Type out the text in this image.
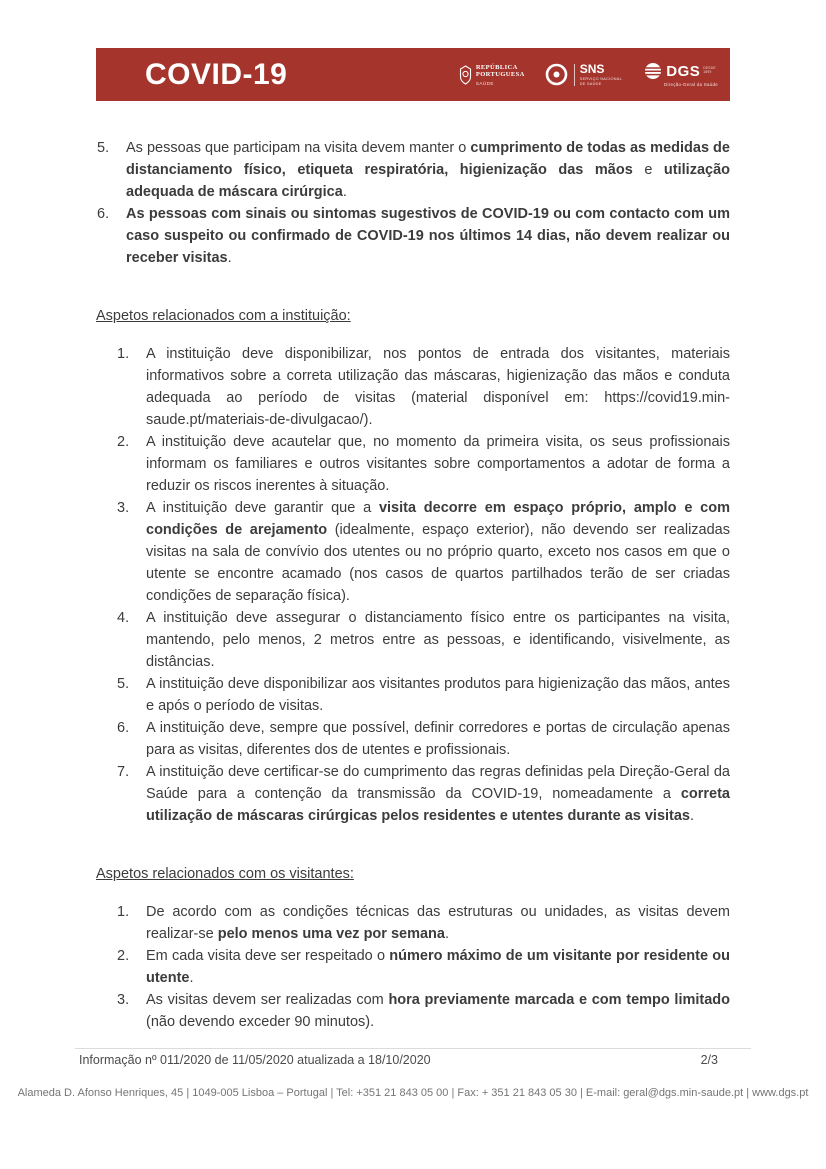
COVID-19	REPÚBLICA
PORTUGUESA
SAÚDE
SNS
SERVIÇO NACIONAL
DE SAÚDE
DGS DESDE
1899
Direção-Geral da Saúde
As pessoas que participam na visita devem manter o cumprimento de todas as medidas de distanciamento físico, etiqueta respiratória, higienização das mãos e utilização adequada de máscara cirúrgica.
As pessoas com sinais ou sintomas sugestivos de COVID-19 ou com contacto com um caso suspeito ou confirmado de COVID-19 nos últimos 14 dias, não devem realizar ou receber visitas.
Aspetos relacionados com a instituição:
A instituição deve disponibilizar, nos pontos de entrada dos visitantes, materiais informativos sobre a correta utilização das máscaras, higienização das mãos e conduta adequada ao período de visitas (material disponível em: https://covid19.min-saude.pt/materiais-de-divulgacao/).
A instituição deve acautelar que, no momento da primeira visita, os seus profissionais informam os familiares e outros visitantes sobre comportamentos a adotar de forma a reduzir os riscos inerentes à situação.
A instituição deve garantir que a visita decorre em espaço próprio, amplo e com condições de arejamento (idealmente, espaço exterior), não devendo ser realizadas visitas na sala de convívio dos utentes ou no próprio quarto, exceto nos casos em que o utente se encontre acamado (nos casos de quartos partilhados terão de ser criadas condições de separação física).
A instituição deve assegurar o distanciamento físico entre os participantes na visita, mantendo, pelo menos, 2 metros entre as pessoas, e identificando, visivelmente, as distâncias.
A instituição deve disponibilizar aos visitantes produtos para higienização das mãos, antes e após o período de visitas.
A instituição deve, sempre que possível, definir corredores e portas de circulação apenas para as visitas, diferentes dos de utentes e profissionais.
A instituição deve certificar-se do cumprimento das regras definidas pela Direção-Geral da Saúde para a contenção da transmissão da COVID-19, nomeadamente a correta utilização de máscaras cirúrgicas pelos residentes e utentes durante as visitas.
Aspetos relacionados com os visitantes:
De acordo com as condições técnicas das estruturas ou unidades, as visitas devem realizar-se pelo menos uma vez por semana.
Em cada visita deve ser respeitado o número máximo de um visitante por residente ou utente.
As visitas devem ser realizadas com hora previamente marcada e com tempo limitado (não devendo exceder 90 minutos).
Informação nº 011/2020 de 11/05/2020 atualizada a 18/10/2020	2/3
Alameda D. Afonso Henriques, 45 | 1049-005 Lisboa – Portugal | Tel: +351 21 843 05 00 | Fax: + 351 21 843 05 30 | E-mail: geral@dgs.min-saude.pt | www.dgs.pt
